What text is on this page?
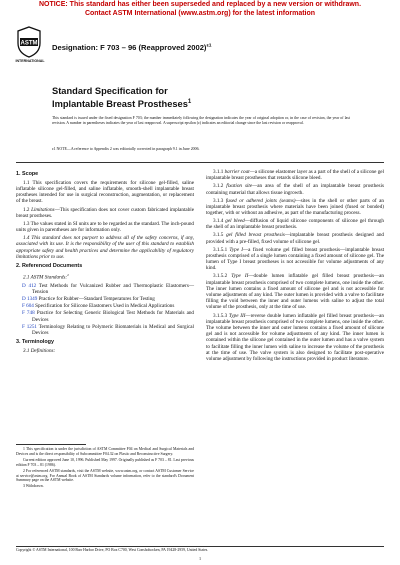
NOTICE: This standard has either been superseded and replaced by a new version or withdrawn.
Contact ASTM International (www.astm.org) for the latest information
ASTM
INTERNATIONAL
Designation: F 703 – 96 (Reapproved 2002)$^{\varepsilon 1}$
Standard Specification for
Implantable Breast Prostheses$^1$
This standard is issued under the fixed designation F 703; the number immediately following the designation indicates the year of original adoption or, in the case of revision, the year of last revision. A number in parentheses indicates the year of last reapproval. A superscript epsilon (ε) indicates an editorial change since the last revision or reapproval.
ε1 NOTE—A reference to Appendix 2 was editorially corrected in paragraph 9.1 in June 2006.
1. Scope

1.1 This specification covers the requirements for silicone gel-filled, saline inflatable silicone gel-filled, and saline inflatable, smooth-shell implantable breast prostheses intended for use in surgical reconstruction, augmentation, or replacement of the breast.

1.2 Limitations—This specification does not cover custom fabricated implantable breast prostheses.

1.3 The values stated in SI units are to be regarded as the standard. The inch-pound units given in parentheses are for information only.

1.4 This standard does not purport to address all of the safety concerns, if any, associated with its use. It is the responsibility of the user of this standard to establish appropriate safety and health practices and determine the applicability of regulatory limitations prior to use.

2. Referenced Documents

2.1 ASTM Standards:$^2$

D 412 Test Methods for Vulcanized Rubber and Thermoplastic Elastomers—Tension
D 1349 Practice for Rubber—Standard Temperatures for Testing
F 604 Specification for Silicone Elastomers Used in Medical Applications
F 748 Practice for Selecting Generic Biological Test Methods for Materials and Devices
F 1251 Terminology Relating to Polymeric Biomaterials in Medical and Surgical Devices
3. Terminology

3.1 Definitions:

1 This specification is under the jurisdiction of ASTM Committee F04 on Medical and Surgical Materials and Devices and is the direct responsibility of Subcommittee F04.32 on Plastic and Reconstructive Surgery.

Current edition approved June 10, 1996. Published May 1997. Originally published as F 703 – 81. Last previous edition F 703 – 81 (1986).

2 For referenced ASTM standards, visit the ASTM website, www.astm.org, or contact ASTM Customer Service at service@astm.org. For Annual Book of ASTM Standards volume information, refer to the standard's Document Summary page on the ASTM website.

3 Withdrawn.

3.1.1 barrier coat—a silicone elastomer layer as a part of the shell of a silicone gel implantable breast prostheses that retards silicone bleed.

3.1.2 fixation site—an area of the shell of an implantable breast prosthesis containing material that allows tissue ingrowth.

3.1.3 fused or adhered joints (seams)—sites in the shell or other parts of an implantable breast prosthesis where materials have been joined (fused or bonded) together, with or without an adhesive, as part of the manufacturing process.

3.1.4 gel bleed—diffusion of liquid silicone components of silicone gel through the shell of an implantable breast prosthesis.

3.1.5 gel filled breast prosthesis—implantable breast prosthesis designed and provided with a pre-filled, fixed volume of silicone gel.

3.1.5.1 Type I—a fixed volume gel filled breast prosthesis—implantable breast prosthesis comprised of a single lumen containing a fixed amount of silicone gel. The lumen of Type I breast prostheses is not accessible for volume adjustments of any kind.

3.1.5.2 Type II—double lumen inflatable gel filled breast prosthesis—an implantable breast prosthesis comprised of two complete lumens, one inside the other. The inner lumen contains a fixed amount of silicone gel and is not accessible for volume adjustments of any kind. The outer lumen is provided with a valve to facilitate filling the void between the inner and outer lumens with saline to adjust the total volume of the prosthesis, only at the time of use.

3.1.5.3 Type III—reverse double lumen inflatable gel filled breast prosthesis—an implantable breast prosthesis comprised of two complete lumens, one inside the other. The volume between the inner and outer lumens contains a fixed amount of silicone gel and is not accessible for volume adjustments of any kind. The inner lumen is contained within the silicone gel contained in the outer lumen and has a valve system to facilitate filling the inner lumen with saline to increase the volume of the prosthesis at the time of use. The valve system is also designed to facilitate post-operative volume adjustment by following the instructions provided in product literature.

Copyright © ASTM International, 100 Barr Harbor Drive, PO Box C700, West Conshohocken, PA 19428-2959, United States.
1
